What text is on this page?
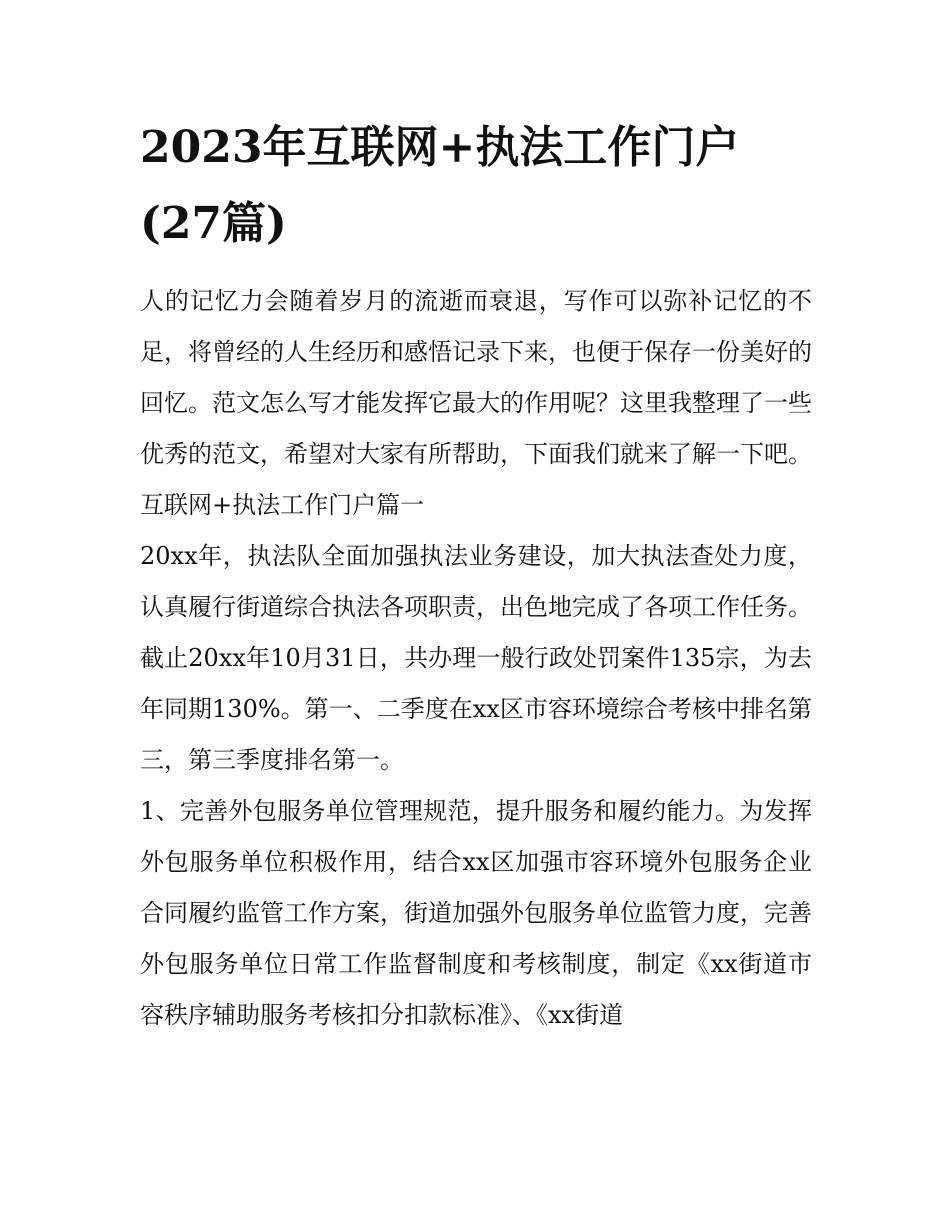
2023年互联网+执法工作门户(27篇)

人的记忆力会随着岁月的流逝而衰退，写作可以弥补记忆的不足，将曾经的人生经历和感悟记录下来，也便于保存一份美好的回忆。范文怎么写才能发挥它最大的作用呢？这里我整理了一些优秀的范文，希望对大家有所帮助，下面我们就来了解一下吧。

互联网+执法工作门户篇一

20xx年，执法队全面加强执法业务建设，加大执法查处力度，认真履行街道综合执法各项职责，出色地完成了各项工作任务。截止20xx年10月31日，共办理一般行政处罚案件135宗，为去年同期130%。第一、二季度在xx区市容环境综合考核中排名第三，第三季度排名第一。

1、完善外包服务单位管理规范，提升服务和履约能力。为发挥外包服务单位积极作用，结合xx区加强市容环境外包服务企业合同履约监管工作方案，街道加强外包服务单位监管力度，完善外包服务单位日常工作监督制度和考核制度，制定《xx街道市容秩序辅助服务考核扣分扣款标准》、《xx街道
